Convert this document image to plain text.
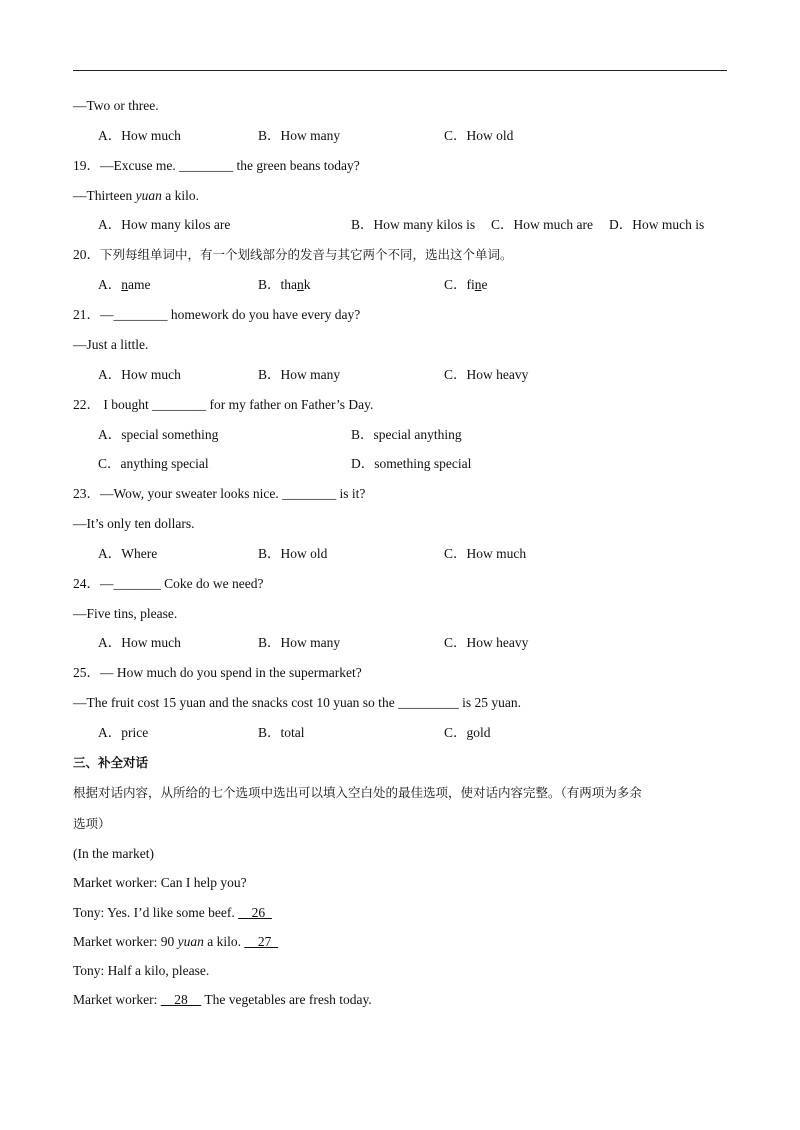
—Two or three.
A．How much	B．How many	C．How old
19．—Excuse me. ________ the green beans today?
—Thirteen yuan a kilo.
A．How many kilos are	B．How many kilos is C．How much are D．How much is
20．下列每组单词中，有一个划线部分的发音与其它两个不同，选出这个单词。
A．name	B．thank	C．fine
21．—________ homework do you have every day?
—Just a little.
A．How much	B．How many	C．How heavy
22． I bought ________ for my father on Father’s Day.
A．special something	B．special anything
C．anything special	D．something special
23．—Wow, your sweater looks nice. ________ is it?
—It’s only ten dollars.
A．Where	B．How old	C．How much
24．—_______ Coke do we need?
—Five tins, please.
A．How much	B．How many	C．How heavy
25．— How much do you spend in the supermarket?
—The fruit cost 15 yuan and the snacks cost 10 yuan so the _________ is 25 yuan.
A．price	B．total	C．gold
三、补全对话
根据对话内容，从所给的七个选项中选出可以填入空白处的最佳选项，使对话内容完整。（有两项为多余
选项）
(In the market)
Market worker: Can I help you?
Tony: Yes. I’d like some beef.     26
Market worker: 90 yuan a kilo.     27
Tony: Half a kilo, please.
Market worker:     28     The vegetables are fresh today.
